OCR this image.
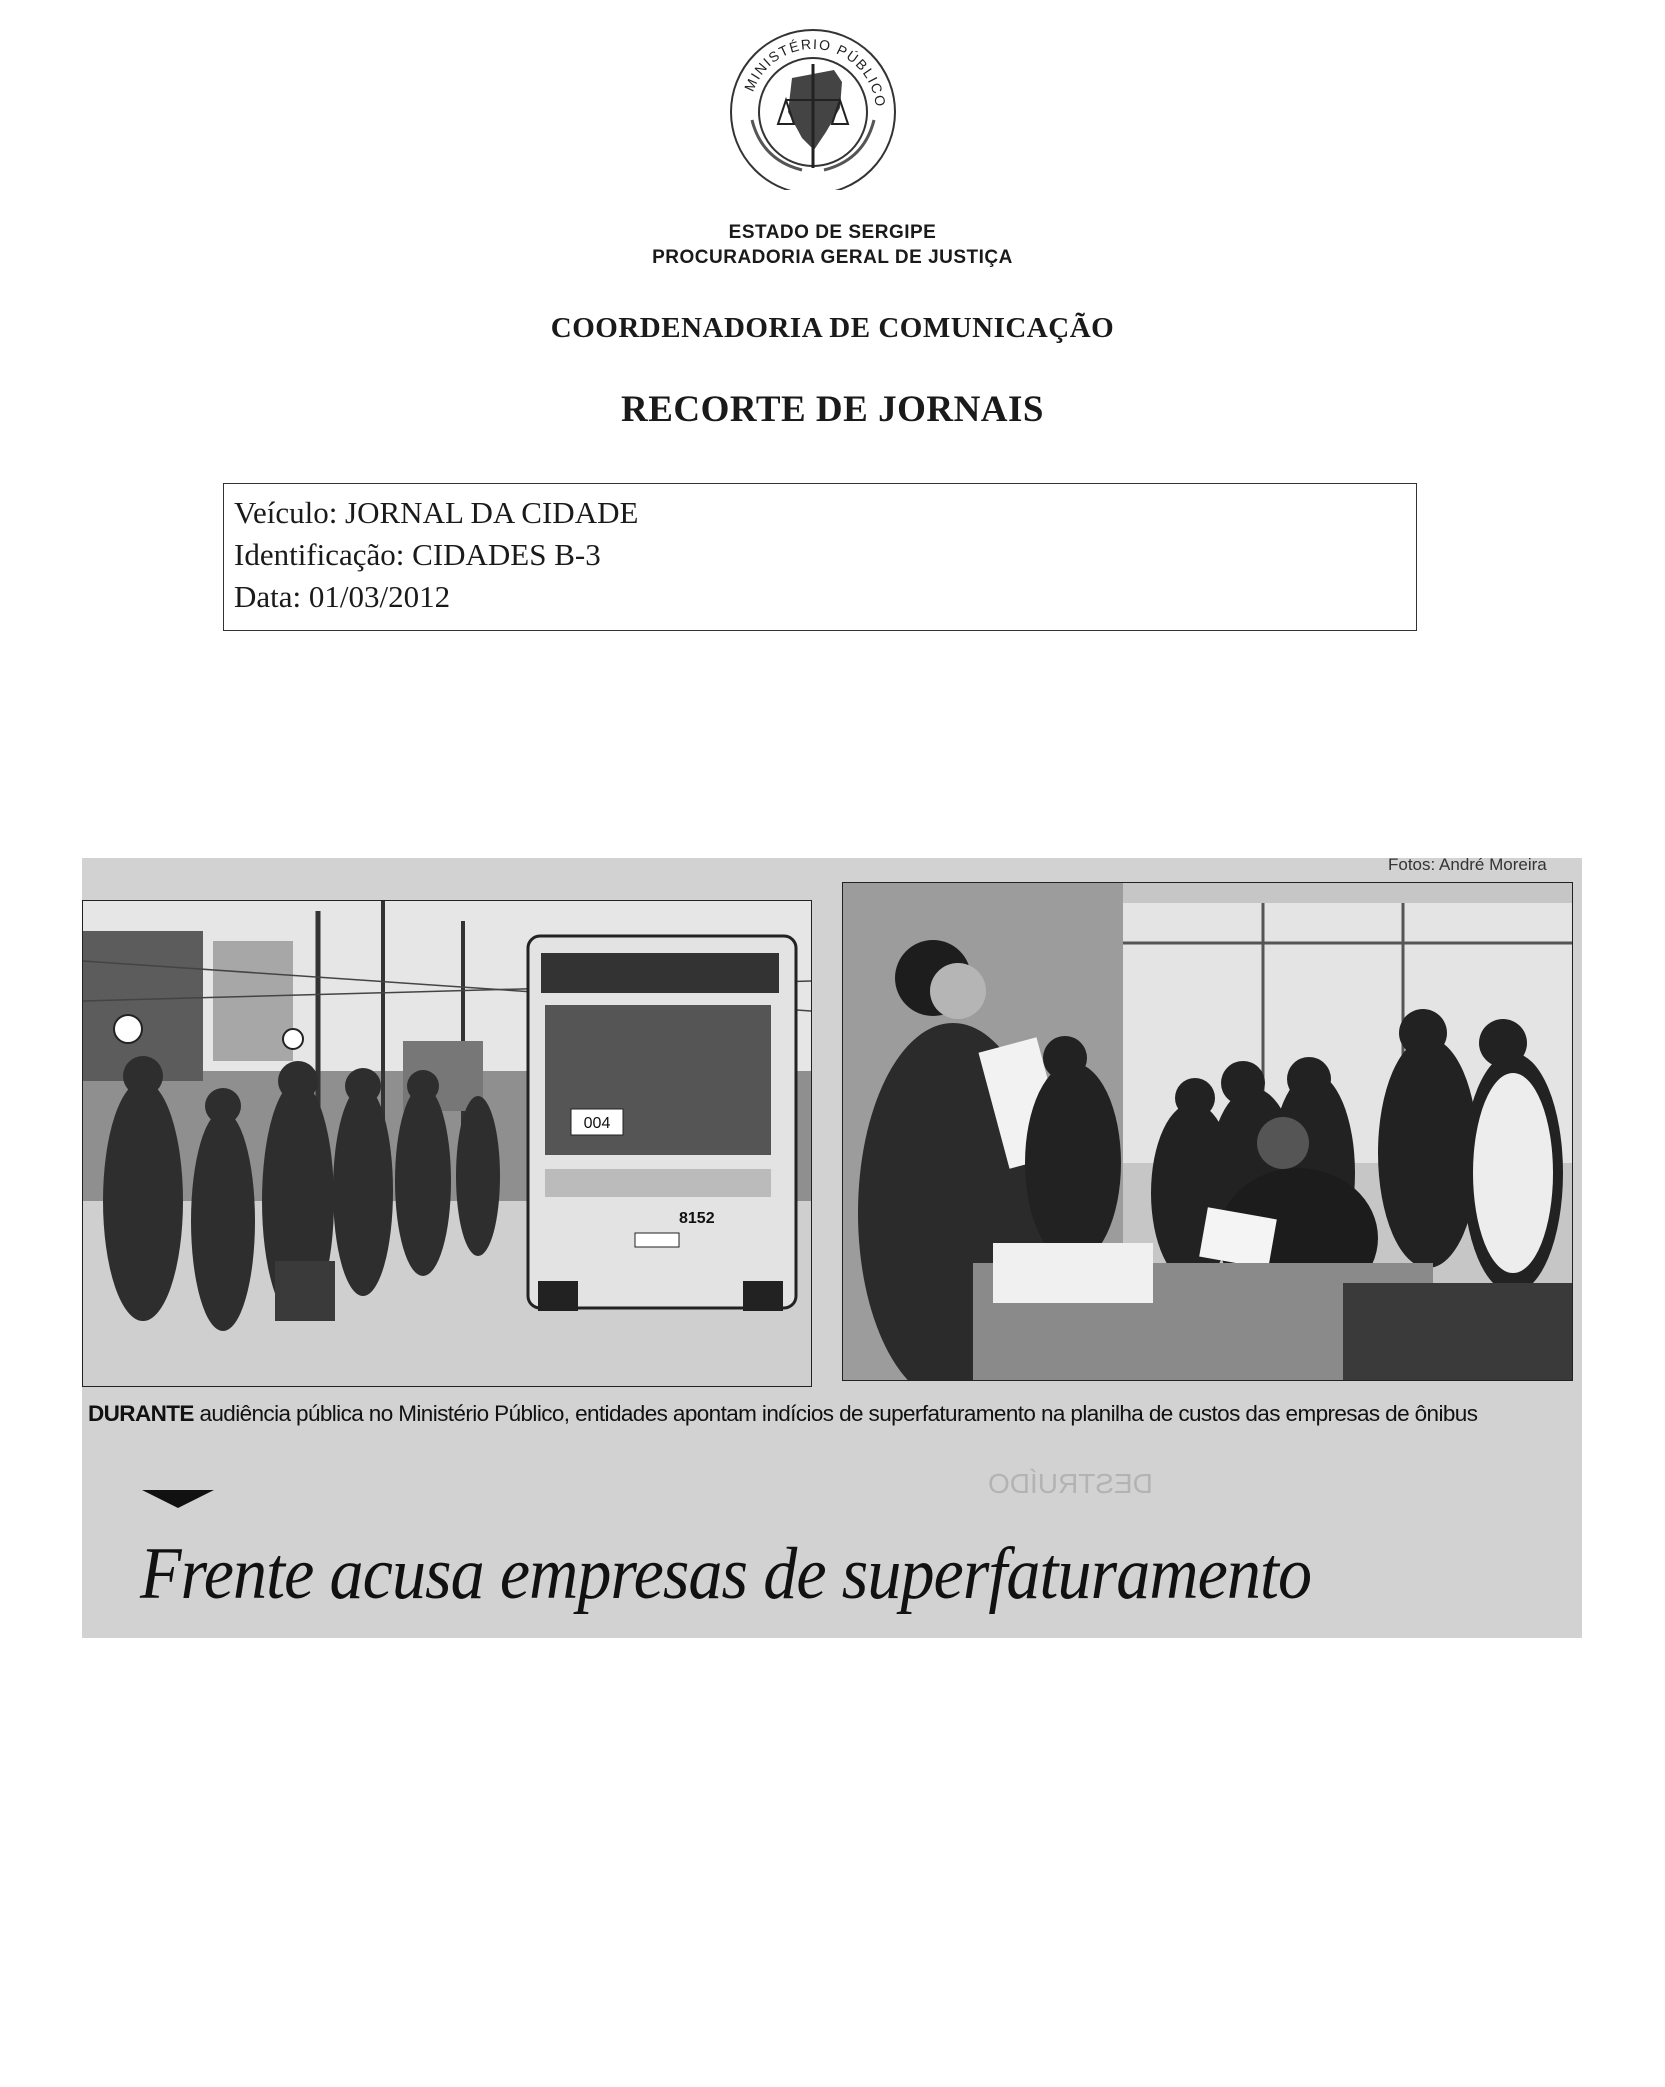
MINISTÉRIO PÚBLICO
ESTADO DE SERGIPE
PROCURADORIA GERAL DE JUSTIÇA
COORDENADORIA DE COMUNICAÇÃO
RECORTE DE JORNAIS
Veículo: JORNAL DA CIDADE
Identificação: CIDADES B-3
Data: 01/03/2012
Fotos: André Moreira
004
8152
DURANTE audiência pública no Ministério Público, entidades apontam indícios de superfaturamento na planilha de custos das empresas de ônibus
DESTRUÍDO
Frente acusa empresas de superfaturamento
